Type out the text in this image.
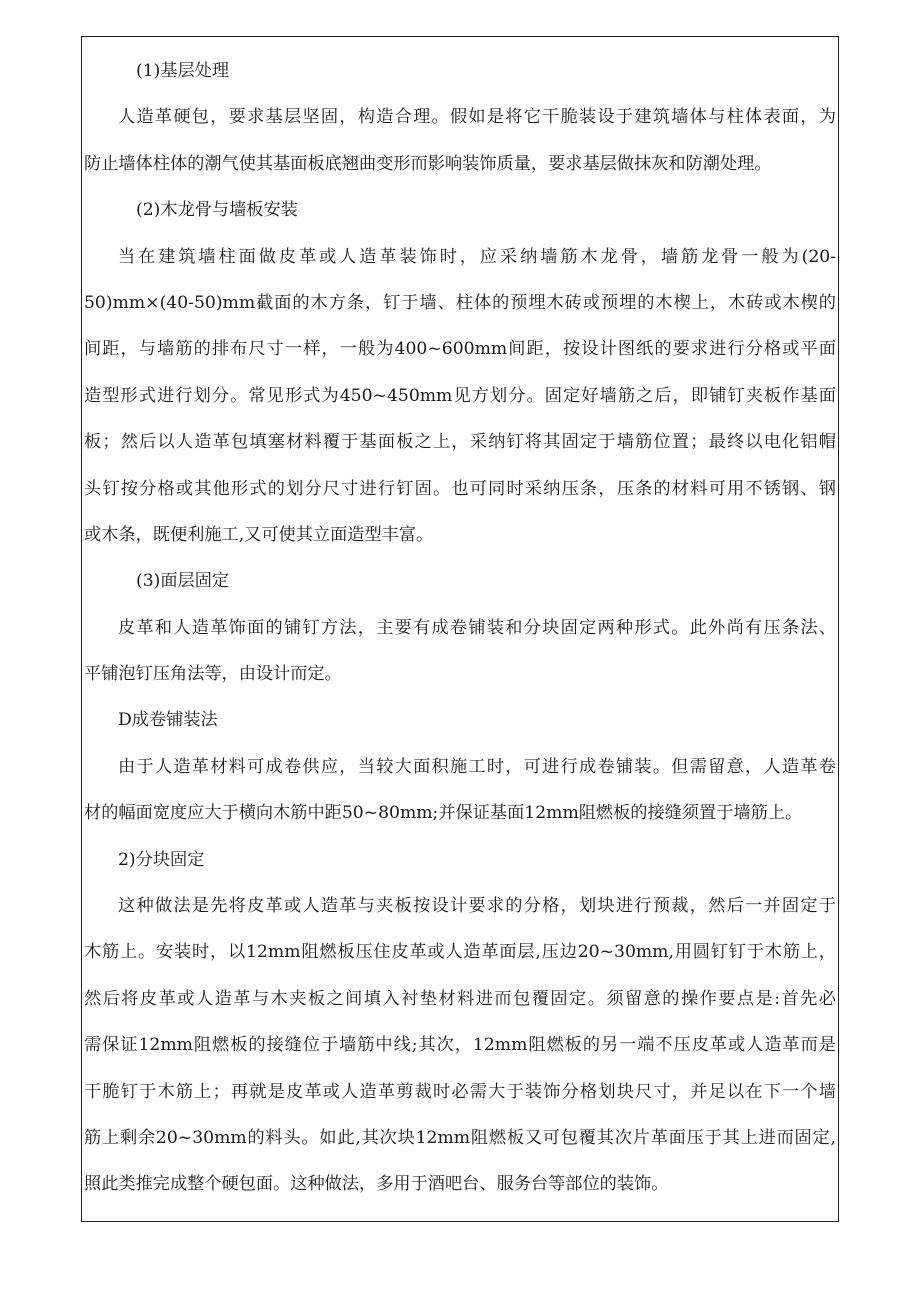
(1)基层处理
人造革硬包，要求基层坚固，构造合理。假如是将它干脆装设于建筑墙体与柱体表面，为
防止墙体柱体的潮气使其基面板底翘曲变形而影响装饰质量，要求基层做抹灰和防潮处理。
(2)木龙骨与墙板安装
当在建筑墙柱面做皮革或人造革装饰时，应采纳墙筋木龙骨，墙筋龙骨一般为(20-
50)mm×(40-50)mm截面的木方条，钉于墙、柱体的预埋木砖或预埋的木楔上，木砖或木楔的
间距，与墙筋的排布尺寸一样，一般为400~600mm间距，按设计图纸的要求进行分格或平面
造型形式进行划分。常见形式为450~450mm见方划分。固定好墙筋之后，即铺钉夹板作基面
板；然后以人造革包填塞材料覆于基面板之上，采纳钉将其固定于墙筋位置；最终以电化铝帽
头钉按分格或其他形式的划分尺寸进行钉固。也可同时采纳压条，压条的材料可用不锈钢、钢
或木条，既便利施工,又可使其立面造型丰富。
(3)面层固定
皮革和人造革饰面的铺钉方法，主要有成卷铺装和分块固定两种形式。此外尚有压条法、
平铺泡钉压角法等，由设计而定。
D成卷铺装法
由于人造革材料可成卷供应，当较大面积施工时，可进行成卷铺装。但需留意，人造革卷
材的幅面宽度应大于横向木筋中距50~80mm;并保证基面12mm阻燃板的接缝须置于墙筋上。
2)分块固定
这种做法是先将皮革或人造革与夹板按设计要求的分格，划块进行预裁，然后一并固定于
木筋上。安装时，以12mm阻燃板压住皮革或人造革面层,压边20~30mm,用圆钉钉于木筋上，
然后将皮革或人造革与木夹板之间填入衬垫材料进而包覆固定。须留意的操作要点是:首先必
需保证12mm阻燃板的接缝位于墙筋中线;其次，12mm阻燃板的另一端不压皮革或人造革而是
干脆钉于木筋上；再就是皮革或人造革剪裁时必需大于装饰分格划块尺寸，并足以在下一个墙
筋上剩余20~30mm的料头。如此,其次块12mm阻燃板又可包覆其次片革面压于其上进而固定,
照此类推完成整个硬包面。这种做法，多用于酒吧台、服务台等部位的装饰。
